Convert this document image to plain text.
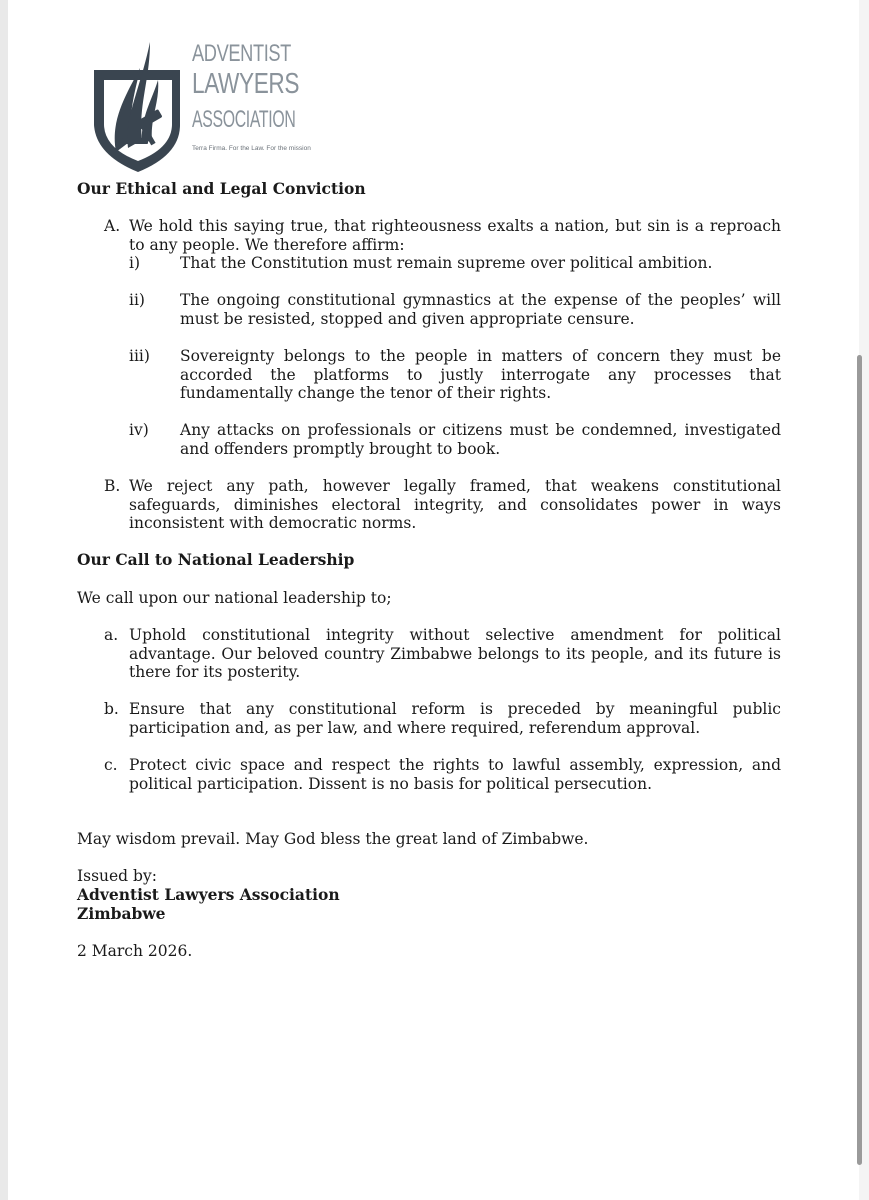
ADVENTIST
LAWYERS
ASSOCIATION
Terra Firma. For the Law. For the mission
Our Ethical and Legal Conviction
A. We hold this saying true, that righteousness exalts a nation, but sin is a reproach to any people. We therefore affirm:
i)	That the Constitution must remain supreme over political ambition.
ii) The ongoing constitutional gymnastics at the expense of the peoples’ will must be resisted, stopped and given appropriate censure.
iii) Sovereignty belongs to the people in matters of concern they must be accorded the platforms to justly interrogate any processes that fundamentally change the tenor of their rights.
iv) Any attacks on professionals or citizens must be condemned, investigated and offenders promptly brought to book.
B. We reject any path, however legally framed, that weakens constitutional safeguards, diminishes electoral integrity, and consolidates power in ways inconsistent with democratic norms.
Our Call to National Leadership
We call upon our national leadership to;
a. Uphold constitutional integrity without selective amendment for political advantage. Our beloved country Zimbabwe belongs to its people, and its future is there for its posterity.
b. Ensure that any constitutional reform is preceded by meaningful public participation and, as per law, and where required, referendum approval.
c. Protect civic space and respect the rights to lawful assembly, expression, and political participation. Dissent is no basis for political persecution.
May wisdom prevail. May God bless the great land of Zimbabwe.
Issued by:
Adventist Lawyers Association
Zimbabwe
2 March 2026.
